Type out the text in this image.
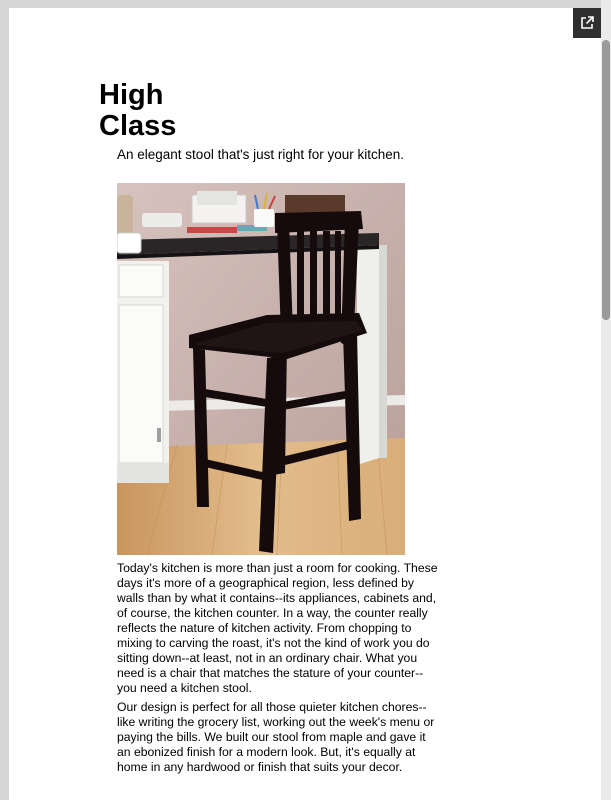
High Class

An elegant stool that's just right for your kitchen.

Today's kitchen is more than just a room for cooking. These days it's more of a geographical region, less defined by walls than by what it contains--its appliances, cabinets and, of course, the kitchen counter. In a way, the counter really reflects the nature of kitchen activity. From chopping to mixing to carving the roast, it's not the kind of work you do sitting down--at least, not in an ordinary chair. What you need is a chair that matches the stature of your counter--you need a kitchen stool.

Our design is perfect for all those quieter kitchen chores--like writing the grocery list, working out the week's menu or paying the bills. We built our stool from maple and gave it an ebonized finish for a modern look. But, it's equally at home in any hardwood or finish that suits your decor.
